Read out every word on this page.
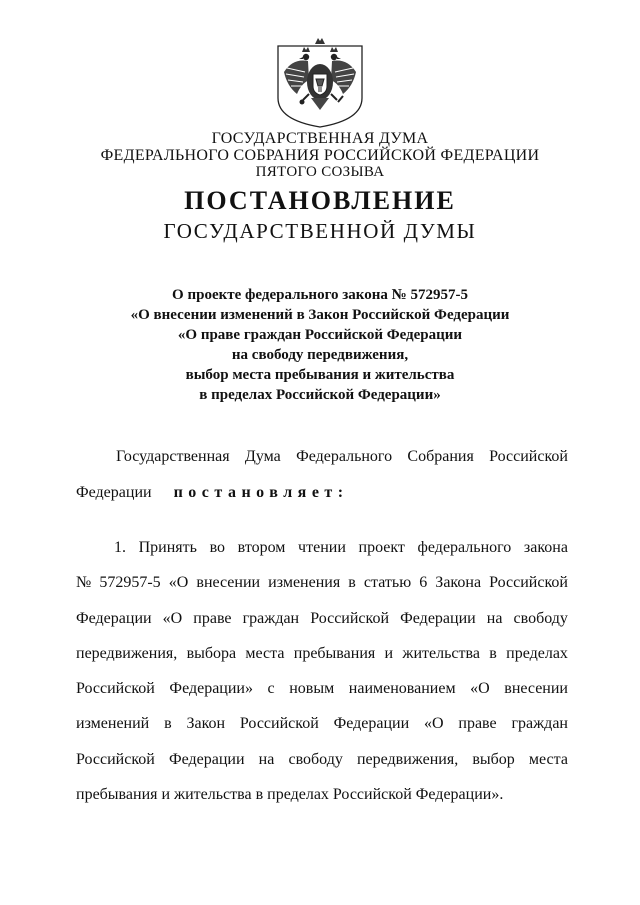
ГОСУДАРСТВЕННАЯ ДУМА
ФЕДЕРАЛЬНОГО СОБРАНИЯ РОССИЙСКОЙ ФЕДЕРАЦИИ
ПЯТОГО СОЗЫВА
ПОСТАНОВЛЕНИЕ
ГОСУДАРСТВЕННОЙ ДУМЫ
О проекте федерального закона № 572957-5
«О внесении изменений в Закон Российской Федерации
«О праве граждан Российской Федерации
на свободу передвижения,
выбор места пребывания и жительства
в пределах Российской Федерации»
Государственная Дума Федерального Собрания Российской
Федерации постановляет:
1. Принять во втором чтении проект федерального закона
№ 572957-5 «О внесении изменения в статью 6 Закона Российской
Федерации «О праве граждан Российской Федерации на свободу
передвижения, выбора места пребывания и жительства в пределах
Российской Федерации» с новым наименованием «О внесении
изменений в Закон Российской Федерации «О праве граждан
Российской Федерации на свободу передвижения, выбор места
пребывания и жительства в пределах Российской Федерации».
